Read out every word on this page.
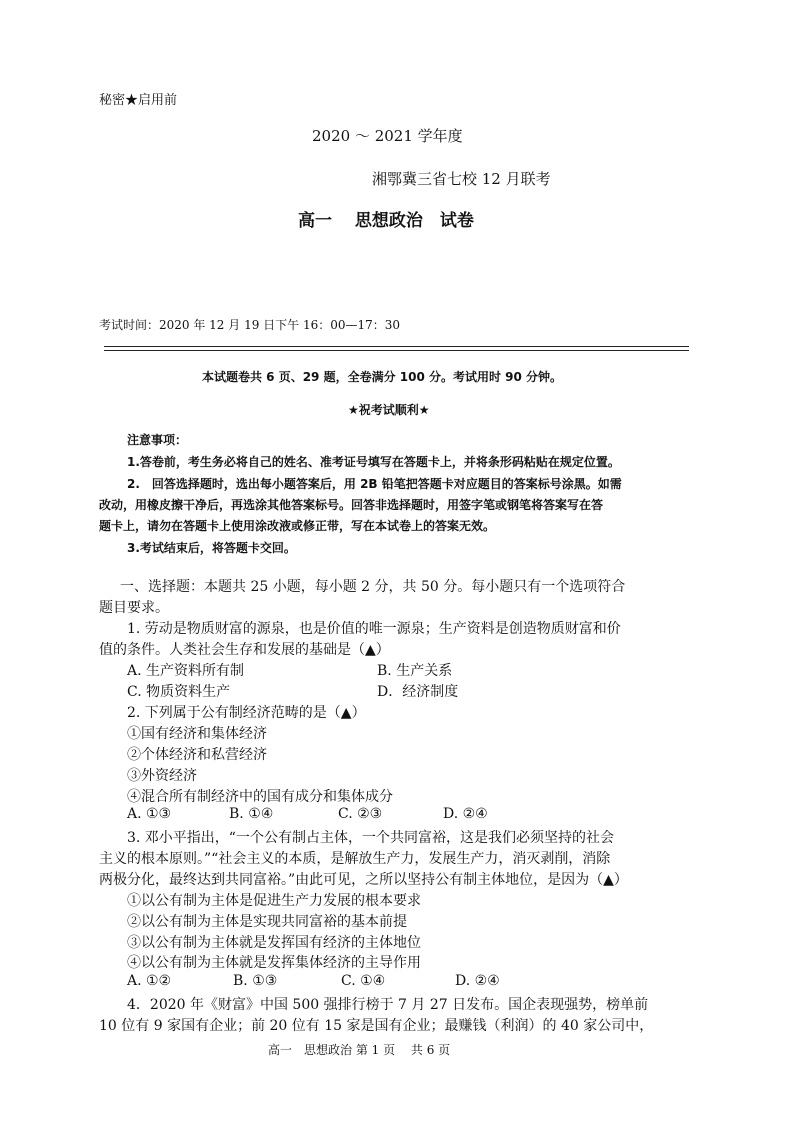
秘密★启用前
2020 ～ 2021 学年度
湘鄂冀三省七校 12 月联考
高一　 思想政治　试卷
考试时间：2020 年 12 月 19 日下午 16：00—17：30
本试题卷共 6 页、29 题，全卷满分 100 分。考试用时 90 分钟。
★祝考试顺利★
注意事项：
1.答卷前，考生务必将自己的姓名、准考证号填写在答题卡上，并将条形码粘贴在规定位置。
2.　回答选择题时，选出每小题答案后，用 2B 铅笔把答题卡对应题目的答案标号涂黑。如需
改动，用橡皮擦干净后，再选涂其他答案标号。回答非选择题时，用签字笔或钢笔将答案写在答
题卡上，请勿在答题卡上使用涂改液或修正带，写在本试卷上的答案无效。
3.考试结束后，将答题卡交回。
一、选择题：本题共 25 小题，每小题 2 分，共 50 分。每小题只有一个选项符合
题目要求。
1. 劳动是物质财富的源泉，也是价值的唯一源泉；生产资料是创造物质财富和价
值的条件。人类社会生存和发展的基础是（▲）
A. 生产资料所有制	B. 生产关系
C. 物质资料生产	D．经济制度
2. 下列属于公有制经济范畴的是（▲）
①国有经济和集体经济
②个体经济和私营经济
③外资经济
④混合所有制经济中的国有成分和集体成分
A. ①③	B. ①④	C. ②③	D. ②④
3. 邓小平指出，“一个公有制占主体，一个共同富裕，这是我们必须坚持的社会
主义的根本原则。”“社会主义的本质，是解放生产力，发展生产力，消灭剥削，消除
两极分化，最终达到共同富裕。”由此可见，之所以坚持公有制主体地位，是因为（▲）
①以公有制为主体是促进生产力发展的根本要求
②以公有制为主体是实现共同富裕的基本前提
③以公有制为主体就是发挥国有经济的主体地位
④以公有制为主体就是发挥集体经济的主导作用
A. ①②	B. ①③	C. ①④	D. ②④
4．2020 年《财富》中国 500 强排行榜于 7 月 27 日发布。国企表现强势，榜单前
10 位有 9 家国有企业；前 20 位有 15 家是国有企业；最赚钱（利润）的 40 家公司中，
高一　思想政治 第 1 页　 共 6 页
